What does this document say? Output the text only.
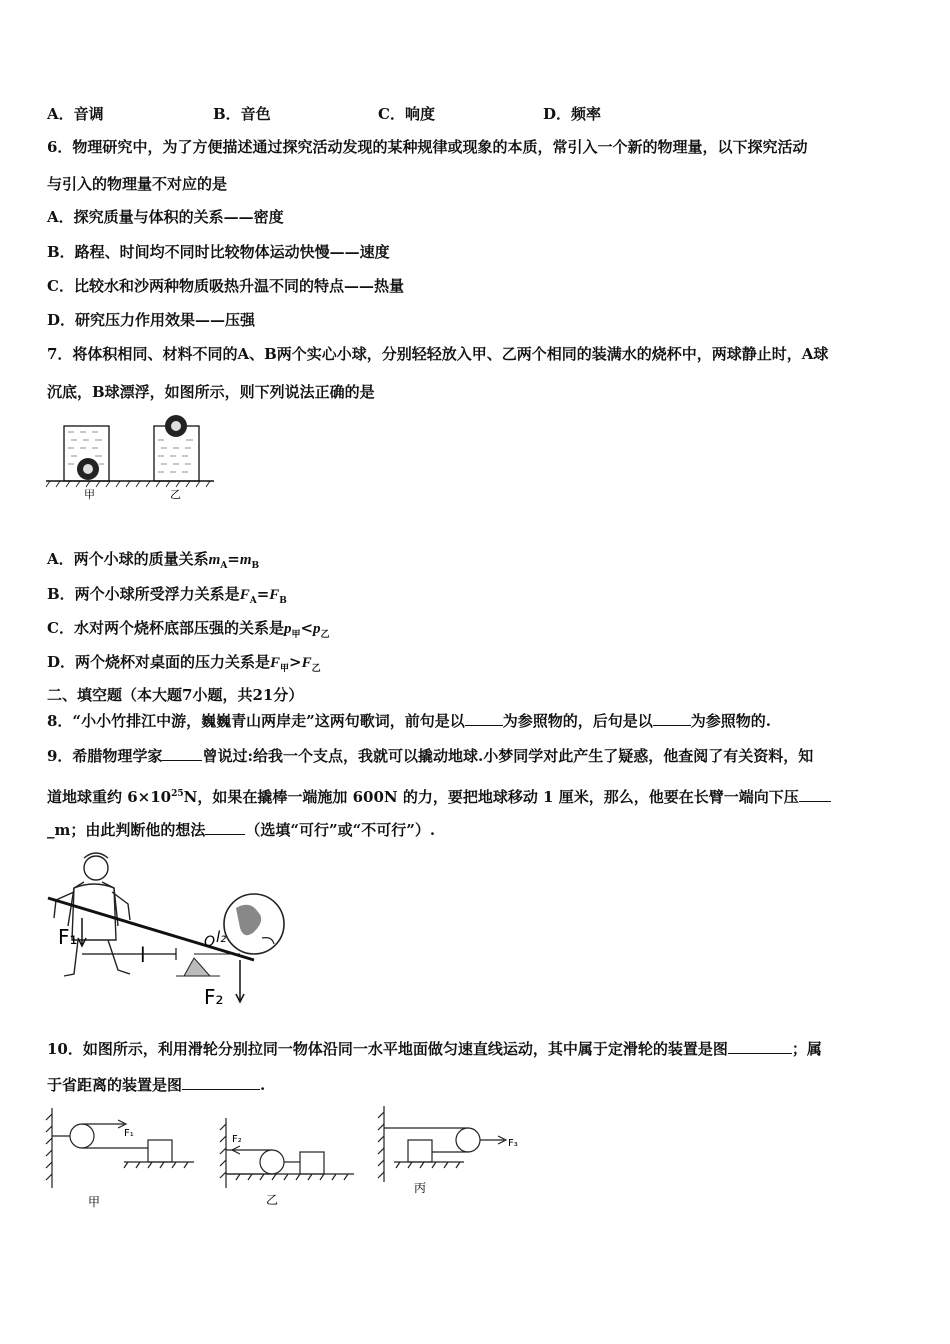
A．音调	B．音色	C．响度	D．频率
6．物理研究中，为了方便描述通过探究活动发现的某种规律或现象的本质，常引入一个新的物理量，以下探究活动
与引入的物理量不对应的是
A．探究质量与体积的关系——密度
B．路程、时间均不同时比较物体运动快慢——速度
C．比较水和沙两种物质吸热升温不同的特点——热量
D．研究压力作用效果——压强
7．将体积相同、材料不同的A、B两个实心小球，分别轻轻放入甲、乙两个相同的装满水的烧杯中，两球静止时，A球
沉底，B球漂浮，如图所示，则下列说法正确的是
甲	乙
A．两个小球的质量关系$m_A=m_B$
B．两个小球所受浮力关系是$F_A=F_B$
C．水对两个烧杯底部压强的关系是$p_甲<p_乙$
D．两个烧杯对桌面的压力关系是$F_甲>F_乙$
二、填空题（本大题7小题，共21分）
8．“小小竹排江中游，巍巍青山两岸走”这两句歌词，前句是以	为参照物的，后句是以	为参照物的.
9．希腊物理学家	曾说过:给我一个支点，我就可以撬动地球.小梦同学对此产生了疑惑，他查阅了有关资料，知
道地球重约 $6\times 10^{25}N$，如果在撬棒一端施加 600N 的力，要把地球移动 1 厘米，那么，他要在长臂一端向下压
_m；由此判断他的想法	（选填“可行”或“不可行”）.
F₁
l
O l₂
F₂
10．如图所示，利用滑轮分别拉同一物体沿同一水平地面做匀速直线运动，其中属于定滑轮的装置是图	；属
于省距离的装置是图	.
F₁
甲
F₂
乙
F₃
丙
